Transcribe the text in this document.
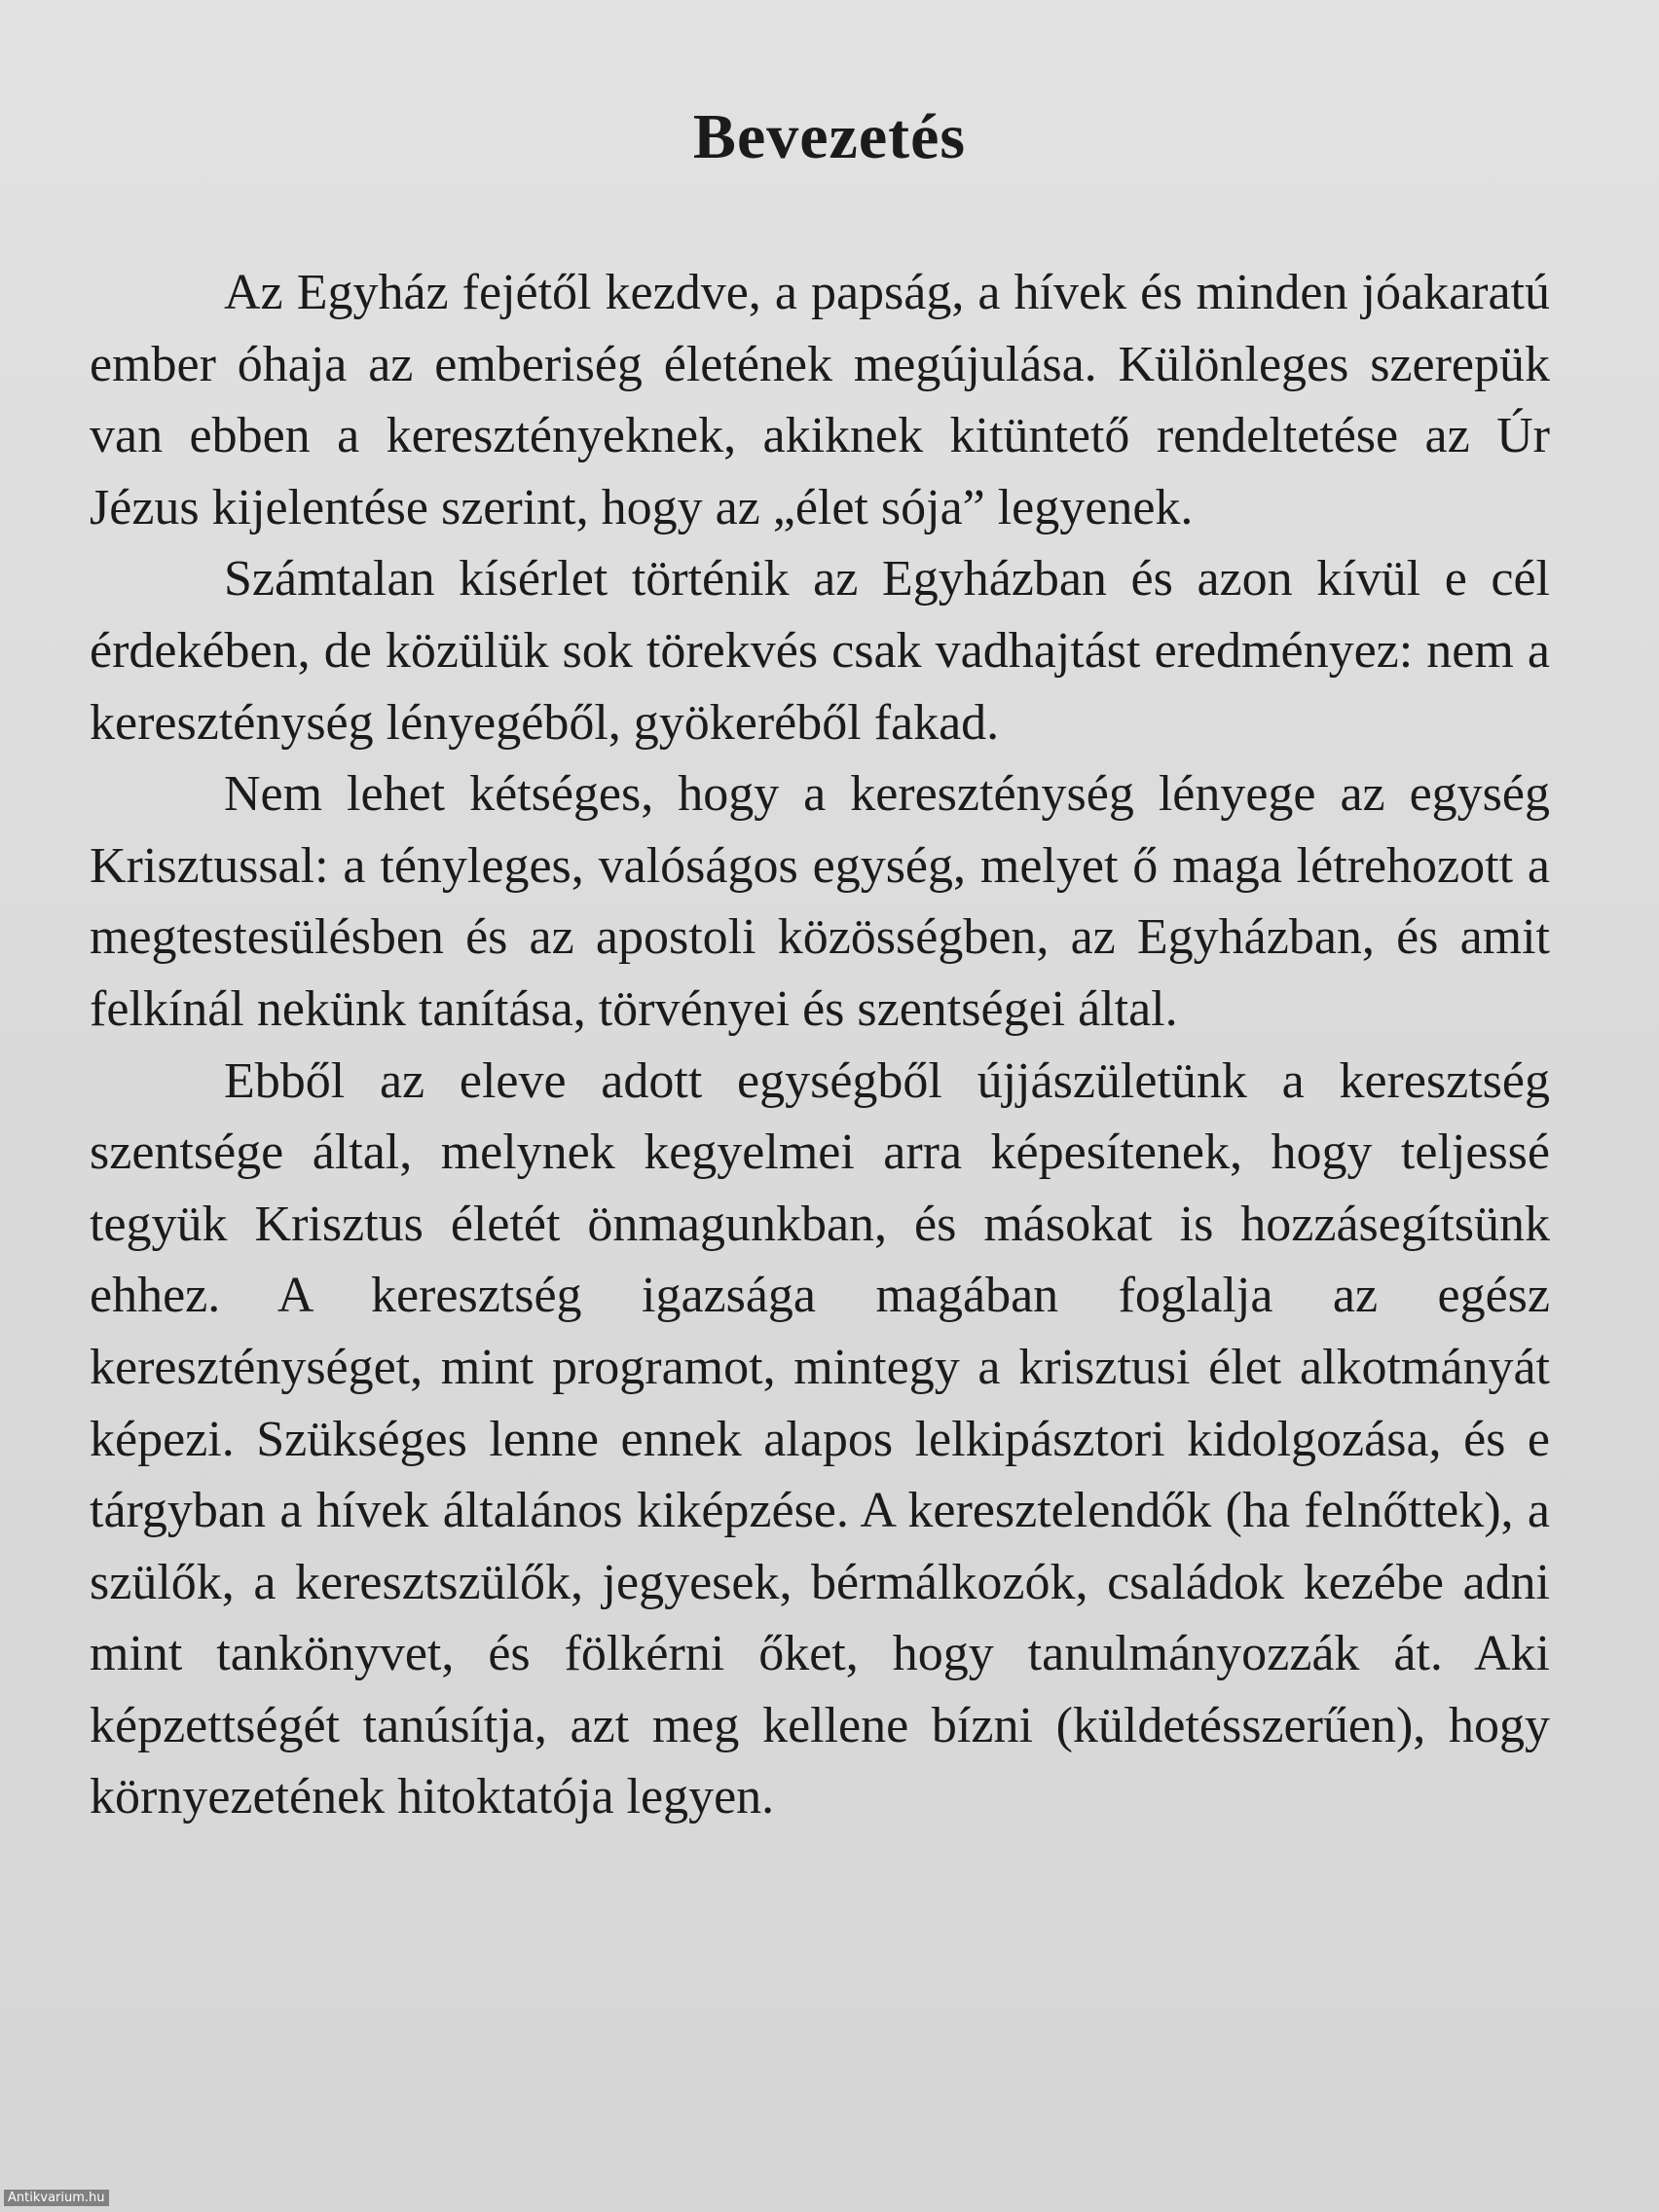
Bevezetés

Az Egyház fejétől kezdve, a papság, a hívek és minden jóakaratú ember óhaja az emberiség életének megújulása. Különleges szerepük van ebben a keresztényeknek, akiknek kitüntető rendeltetése az Úr Jézus kijelentése szerint, hogy az „élet sója” legyenek.

Számtalan kísérlet történik az Egyházban és azon kívül e cél érdekében, de közülük sok törekvés csak vadhajtást eredményez: nem a kereszténység lényegéből, gyökeréből fakad.

Nem lehet kétséges, hogy a kereszténység lényege az egység Krisztussal: a tényleges, valóságos egység, melyet ő maga létrehozott a megtestesülésben és az apostoli közösségben, az Egyházban, és amit felkínál nekünk tanítása, törvényei és szentségei által.

Ebből az eleve adott egységből újjászületünk a keresztség szentsége által, melynek kegyelmei arra képesítenek, hogy teljessé tegyük Krisztus életét önmagunkban, és másokat is hozzásegítsünk ehhez. A keresztség igazsága magában foglalja az egész kereszténységet, mint programot, mintegy a krisztusi élet alkotmányát képezi. Szükséges lenne ennek alapos lelkipásztori kidolgozása, és e tárgyban a hívek általános kiképzése. A keresztelendők (ha felnőttek), a szülők, a keresztszülők, jegyesek, bérmálkozók, családok kezébe adni mint tankönyvet, és fölkérni őket, hogy tanulmányozzák át. Aki képzettségét tanúsítja, azt meg kellene bízni (küldetésszerűen), hogy környezetének hitoktatója legyen.

Antikvarium.hu
